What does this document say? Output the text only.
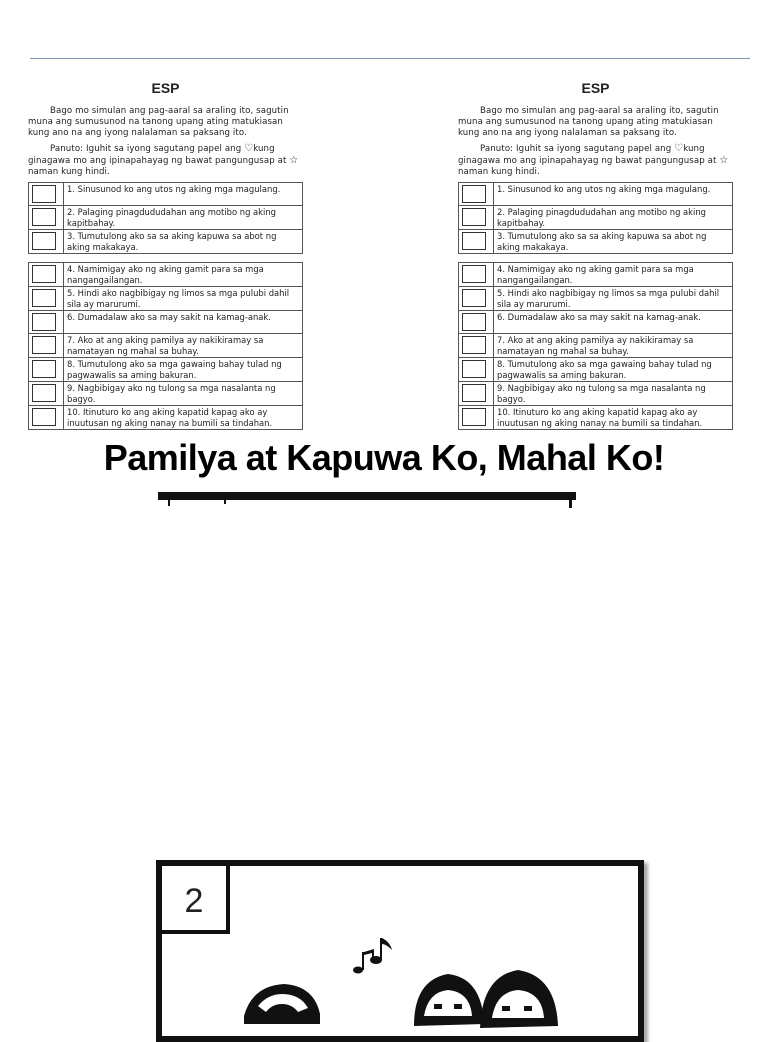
ESP

Bago mo simulan ang pag-aaral sa araling ito, sagutin muna ang sumusunod na tanong upang ating matukiasan kung ano na ang iyong nalalaman sa paksang ito.

Panuto: Iguhit sa iyong sagutang papel ang ♡kung ginagawa mo ang ipinapahayag ng bawat pangungusap at ☆ naman kung hindi.

	1. Sinusunod ko ang utos ng aking mga magulang.

	2. Palaging pinagdududahan ang motibo ng aking kapitbahay.

	3. Tumutulong ako sa sa aking kapuwa sa abot ng aking makakaya.

	4. Namimigay ako ng aking gamit para sa mga nangangailangan.

	5. Hindi ako nagbibigay ng limos sa mga pulubi dahil sila ay marurumi.

	6. Dumadalaw ako sa may sakit na kamag-anak.

	7. Ako at ang aking pamilya ay nakikiramay sa namatayan ng mahal sa buhay.

	8. Tumutulong ako sa mga gawaing bahay tulad ng pagwawalis sa aming bakuran.

	9. Nagbibigay ako ng tulong sa mga nasalanta ng bagyo.

	10. Itinuturo ko ang aking kapatid kapag ako ay inuutusan ng aking nanay na bumili sa tindahan.
ESP

Bago mo simulan ang pag-aaral sa araling ito, sagutin muna ang sumusunod na tanong upang ating matukiasan kung ano na ang iyong nalalaman sa paksang ito.

Panuto: Iguhit sa iyong sagutang papel ang ♡kung ginagawa mo ang ipinapahayag ng bawat pangungusap at ☆ naman kung hindi.

	1. Sinusunod ko ang utos ng aking mga magulang.

	2. Palaging pinagdududahan ang motibo ng aking kapitbahay.

	3. Tumutulong ako sa sa aking kapuwa sa abot ng aking makakaya.

	4. Namimigay ako ng aking gamit para sa mga nangangailangan.

	5. Hindi ako nagbibigay ng limos sa mga pulubi dahil sila ay marurumi.

	6. Dumadalaw ako sa may sakit na kamag-anak.

	7. Ako at ang aking pamilya ay nakikiramay sa namatayan ng mahal sa buhay.

	8. Tumutulong ako sa mga gawaing bahay tulad ng pagwawalis sa aming bakuran.

	9. Nagbibigay ako ng tulong sa mga nasalanta ng bagyo.

	10. Itinuturo ko ang aking kapatid kapag ako ay inuutusan ng aking nanay na bumili sa tindahan.
Pamilya at Kapuwa Ko, Mahal Ko!
2
